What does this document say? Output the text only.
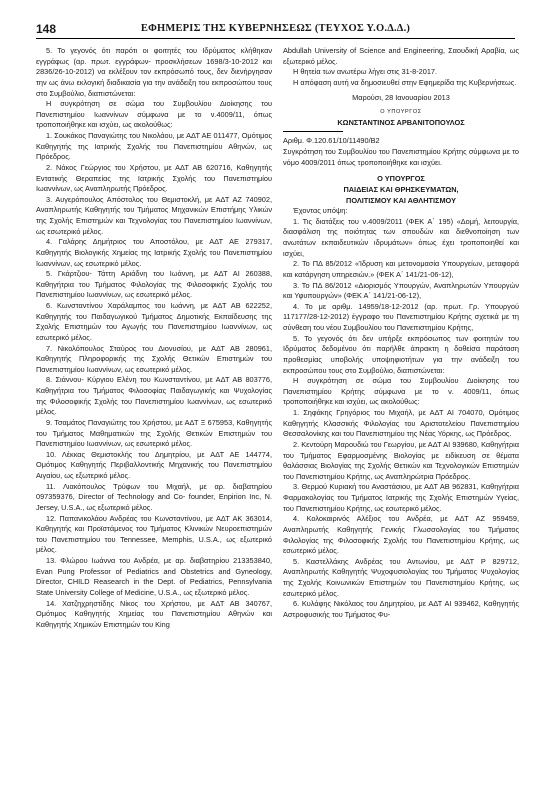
148	ΕΦΗΜΕΡΙΣ ΤΗΣ ΚΥΒΕΡΝΗΣΕΩΣ (ΤΕΥΧΟΣ Υ.Ο.Δ.Δ.)

5. Το γεγονός ότι παρότι οι φοιτητές του Ιδρύματος κλήθηκαν εγγράφως (αρ. πρωτ. εγγράφων- προσκλήσεων 1698/3-10-2012 και 2836/26-10-2012) να εκλέξουν τον εκπρόσωπό τους, δεν διενήργησαν την ως άνω εκλογική διαδικασία για την ανάδειξη του εκπροσώπου τους στο Συμβούλιο, διαπιστώνεται:

Η συγκρότηση σε σώμα του Συμβουλίου Διοίκησης του Πανεπιστημίου Ιωαννίνων σύμφωνα με το ν.4009/11, όπως τροποποιήθηκε και ισχύει, ως ακολούθως:

1. Σουκάκος Παναγιώτης του Νικολάου, με ΑΔΤ ΑΕ 011477, Ομότιμος Καθηγητής της Ιατρικής Σχολής του Πανεπιστημίου Αθηνών, ως Πρόεδρος.

2. Νάκος Γεώργιος του Χρήστου, με ΑΔΤ ΑΒ 620716, Καθηγητής Εντατικής Θεραπείας της Ιατρικής Σχολής του Πανεπιστημίου Ιωαννίνων, ως Αναπληρωτής Πρόεδρος.

3. Αυγερόπουλος Απόστολος του Θεμιστοκλή, με ΑΔΤ ΑΖ 740902, Αναπληρωτής Καθηγητής του Τμήματος Μηχανικών Επιστήμης Υλικών της Σχολής Επιστημών και Τεχνολογίας του Πανεπιστημίου Ιωαννίνων, ως εσωτερικό μέλος.

4. Γαλάρης Δημήτριος του Αποστόλου, με ΑΔΤ ΑΕ 279317, Καθηγητής Βιολογικής Χημείας της Ιατρικής Σχολής του Πανεπιστημίου Ιωαννίνων, ως εσωτερικό μέλος.

5. Γκάρτζιου- Τάττη Αριάδνη του Ιωάννη, με ΑΔΤ ΑΙ 260388, Καθηγήτρια του Τμήματος Φιλολογίας της Φιλοσοφικής Σχολής του Πανεπιστημίου Ιωαννίνων, ως εσωτερικό μέλος.

6. Κωνσταντίνου Χαράλαμπος του Ιωάννη, με ΑΔΤ ΑΒ 622252, Καθηγητής του Παιδαγωγικού Τμήματος Δημοτικής Εκπαίδευσης της Σχολής Επιστημών του Αγωγής του Πανεπιστημίου Ιωαννίνων, ως εσωτερικό μέλος.

7. Νικολόπουλος Σταύρος του Διονυσίου, με ΑΔΤ ΑΒ 280961, Καθηγητής Πληροφορικής της Σχολής Θετικών Επιστημών του Πανεπιστημίου Ιωαννίνων, ως εσωτερικό μέλος.

8. Σιάννου- Κύργιου Ελένη του Κωνσταντίνου, με ΑΔΤ ΑΒ 803776, Καθηγήτρια του Τμήματος Φιλοσοφίας Παιδαγωγικής και Ψυχολογίας της Φιλοσοφικής Σχολής του Πανεπιστημίου Ιωαννίνων, ως εσωτερικό μέλος.

9. Τσαμάτος Παναγιώτης του Χρήστου, με ΑΔΤ Ξ 675953, Καθηγητής του Τμήματος Μαθηματικών της Σχολής Θετικών Επιστημών του Πανεπιστημίου Ιωαννίνων, ως εσωτερικό μέλος.

10. Λέκκας Θεμιστοκλής του Δημητρίου, με ΑΔΤ ΑΕ 144774, Ομότιμος Καθηγητής Περιβαλλοντικής Μηχανικής του Πανεπιστημίου Αιγαίου, ως εξωτερικό μέλος.

11. Λιακόπουλος Τρύφων του Μιχαήλ, με αρ. διαβατηρίου 097359376, Director of Technology and Co- founder, Enpirion Inc, N. Jersey, U.S.A., ως εξωτερικό μέλος.

12. Παπανικολάου Ανδρέας του Κωνσταντίνου, με ΑΔΤ ΑΚ 363014, Καθηγητής και Προϊστάμενος του Τμήματος Κλινικών Νευροεπιστημών του Πανεπιστημίου του Tennessee, Memphis, U.S.A., ως εξωτερικό μέλος.

13. Φλώρου Ιωάννα του Ανδρέα, με αρ. διαβατηρίου 213353840, Evan Pung Professor of Pediatrics and Obstetrics and Gyneology, Director, CHILD Reasearch in the Dept. of Pediatrics, Pennsylvania State University College of Medicine, U.S.A., ως εξωτερικό μέλος.

14. Χατζηχρηστίδης Νίκος του Χρήστου, με ΑΔΤ ΑΒ 340767, Ομότιμος Καθηγητής Χημείας του Πανεπιστημίου Αθηνών και Καθηγητής Χημικών Επιστημών του King

Abdullah University of Science and Engineering, Σαουδική Αραβία, ως εξωτερικό μέλος.

Η θητεία των ανωτέρω λήγει στις 31-8-2017.

Η απόφαση αυτή να δημοσιευθεί στην Εφημερίδα της Κυβερνήσεως.

Μαρούσι, 28 Ιανουαρίου 2013

Ο ΥΠΟΥΡΓΟΣ

ΚΩΝΣΤΑΝΤΙΝΟΣ ΑΡΒΑΝΙΤΟΠΟΥΛΟΣ

Αριθμ. Φ.120.61/10/11490/Β2

Συγκρότηση του Συμβουλίου του Πανεπιστημίου Κρήτης σύμφωνα με το νόμο 4009/2011 όπως τροποποιήθηκε και ισχύει.

Ο ΥΠΟΥΡΓΟΣ

ΠΑΙΔΕΙΑΣ ΚΑΙ ΘΡΗΣΚΕΥΜΑΤΩΝ,

ΠΟΛΙΤΙΣΜΟΥ ΚΑΙ ΑΘΛΗΤΙΣΜΟΥ

Έχοντας υπόψη:

1. Τις διατάξεις του ν.4009/2011 (ΦΕΚ Α΄ 195) «Δομή, λειτουργία, διασφάλιση της ποιότητας των σπουδών και διεθνοποίηση των ανωτάτων εκπαιδευτικών ιδρυμάτων» όπως έχει τροποποιηθεί και ισχύει,

2. Το ΠΔ 85/2012 «Ίδρυση και μετονομασία Υπουργείων, μεταφορά και κατάργηση υπηρεσιών.» (ΦΕΚ Α΄ 141/21-06-12),

3. Το ΠΔ 86/2012 «Διορισμός Υπουργών, Αναπληρωτών Υπουργών και Υφυπουργών» (ΦΕΚ Α΄ 141/21-06-12),

4. Το με αριθμ. 14959/18-12-2012 (αρ. πρωτ. Γρ. Υπουργού 117177/28-12-2012) έγγραφο του Πανεπιστημίου Κρήτης σχετικά με τη σύνθεση του νέου Συμβουλίου του Πανεπιστημίου Κρήτης,

5. Το γεγονός ότι δεν υπήρξε εκπρόσωπος των φοιτητών του Ιδρύματος δεδομένου ότι παρήλθε άπρακτη η δοθείσα παράταση προθεσμίας υποβολής υποψηφιοτήτων για την ανάδειξη του εκπροσώπου τους στο Συμβούλιο, διαπιστώνεται:

Η συγκρότηση σε σώμα του Συμβουλίου Διοίκησης του Πανεπιστημίου Κρήτης σύμφωνα με το ν. 4009/11, όπως τροποποιήθηκε και ισχύει, ως ακολούθως:

1. Σηφάκης Γρηγόριος του Μιχαήλ, με ΑΔΤ ΑΙ 704070, Ομότιμος Καθηγητής Κλασσικής Φιλολογίας του Αριστοτελείου Πανεπιστημίου Θεσσαλονίκης και του Πανεπιστημίου της Νέας Υόρκης, ως Πρόεδρος.

2. Κεντούρη Μαρουδιώ του Γεωργίου, με ΑΔΤ ΑΙ 939680, Καθηγήτρια του Τμήματος Εφαρμοσμένης Βιολογίας με ειδίκευση σε θέματα θαλάσσιας Βιολογίας της Σχολής Θετικών και Τεχνολογικών Επιστημών του Πανεπιστημίου Κρήτης, ως Αναπληρώτρια Πρόεδρος.

3. Θερμού Κυριακή του Αναστάσιου, με ΑΔΤ ΑΒ 962831, Καθηγήτρια Φαρμακολογίας του Τμήματος Ιατρικής της Σχολής Επιστημών Υγείας, του Πανεπιστημίου Κρήτης, ως εσωτερικό μέλος.

4. Κολοκαιρινός Αλέξιος του Ανδρέα, με ΑΔΤ ΑΖ 959459, Αναπληρωτής Καθηγητής Γενικής Γλωσσολογίας του Τμήματος Φιλολογίας της Φιλοσοφικής Σχολής του Πανεπιστημίου Κρήτης, ως εσωτερικό μέλος.

5. Καστελλάκης Ανδρέας του Αντωνίου, με ΑΔΤ Ρ 829712, Αναπληρωτής Καθηγητής Ψυχοφυσιολογίας του Τμήματος Ψυχολογίας της Σχολής Κοινωνικών Επιστημών του Πανεπιστημίου Κρήτης, ως εσωτερικό μέλος.

6. Κυλάφης Νικόλαος του Δημητρίου, με ΑΔΤ ΑΙ 939462, Καθηγητής Αστροφυσικής του Τμήματος Φυ-
